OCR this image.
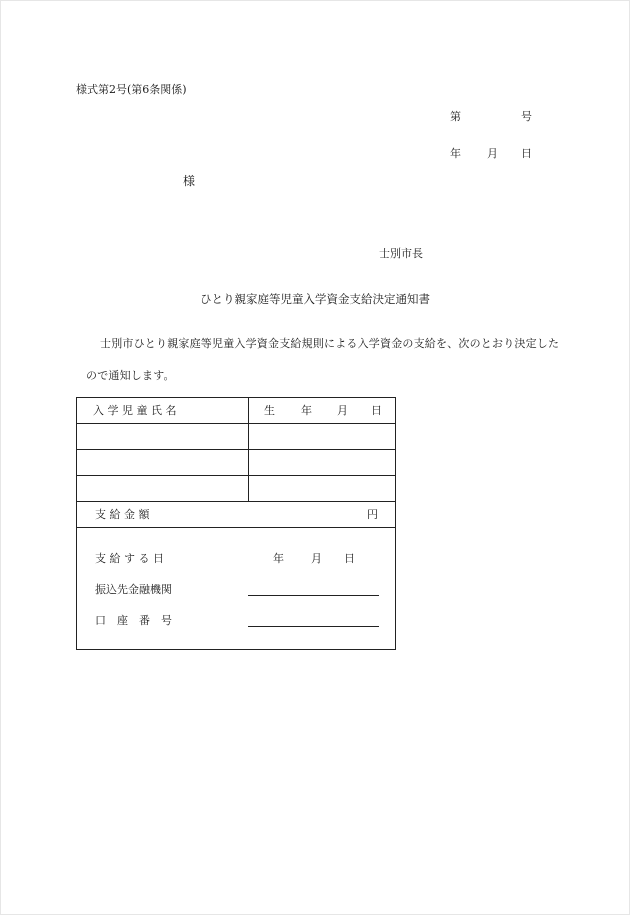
様式第2号(第6条関係)
第	号
年 月 日
様
士別市長
ひとり親家庭等児童入学資金支給決定通知書
士別市ひとり親家庭等児童入学資金支給規則による入学資金の支給を、次のとおり決定したので通知します。
入 学 児 童 氏 名	生 年 月 日
支 給 金 額	円
支 給 す る 日	年 月 日
振込先金融機関
口　座　番　号
